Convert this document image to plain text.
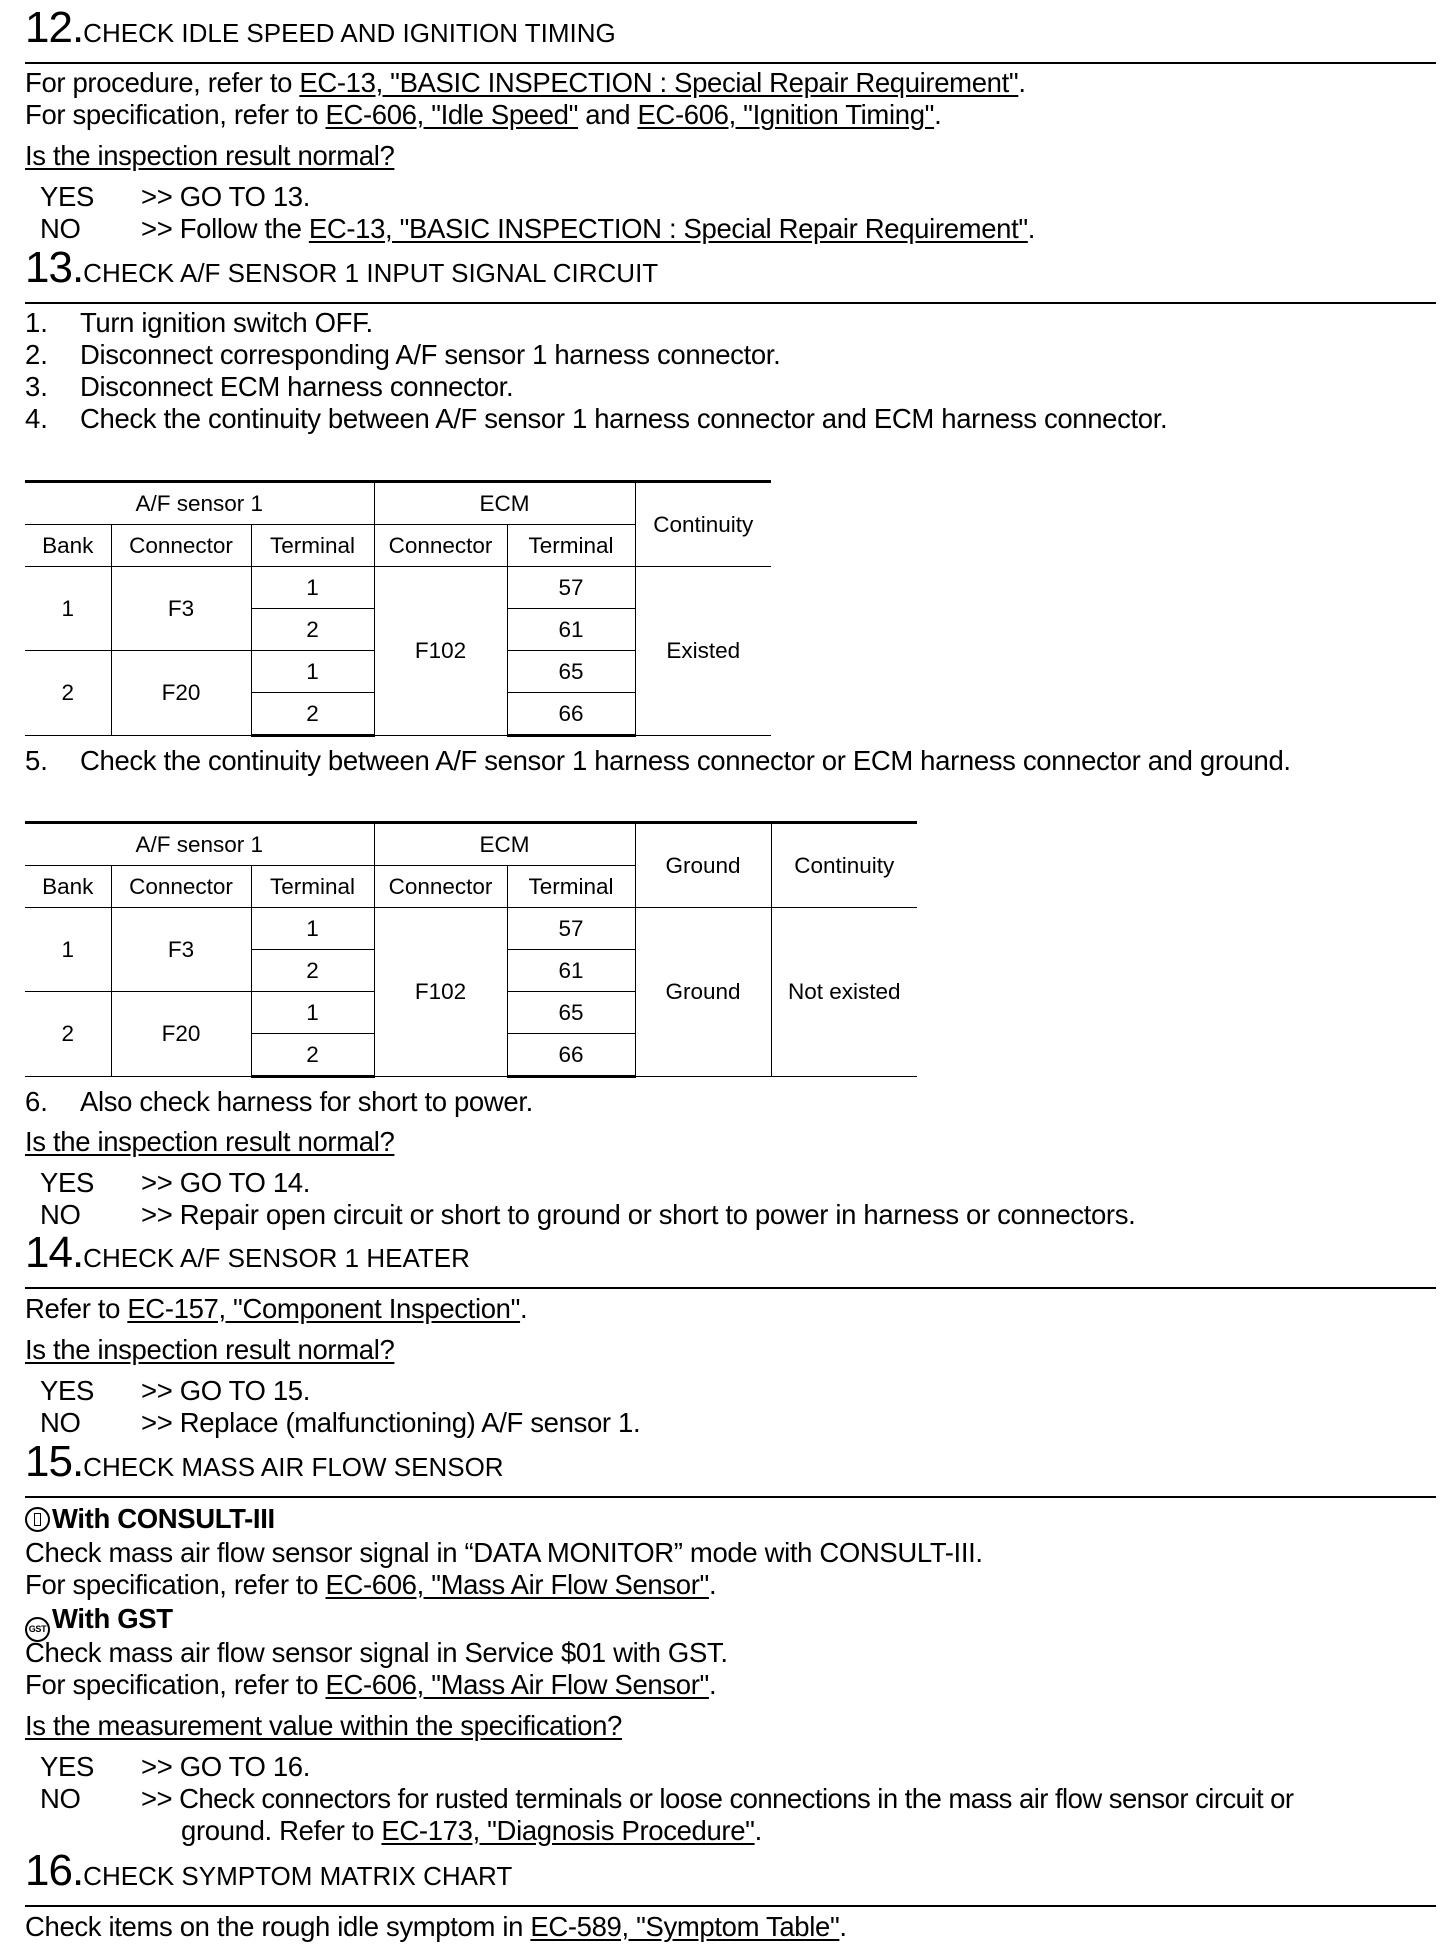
12.CHECK IDLE SPEED AND IGNITION TIMING
For procedure, refer to EC-13, "BASIC INSPECTION : Special Repair Requirement".
For specification, refer to EC-606, "Idle Speed" and EC-606, "Ignition Timing".
Is the inspection result normal?
YES >> GO TO 13.
NO >> Follow the EC-13, "BASIC INSPECTION : Special Repair Requirement".
13.CHECK A/F SENSOR 1 INPUT SIGNAL CIRCUIT
1. Turn ignition switch OFF.
2. Disconnect corresponding A/F sensor 1 harness connector.
3. Disconnect ECM harness connector.
4. Check the continuity between A/F sensor 1 harness connector and ECM harness connector.
A/F sensor 1			ECM		Continuity
Bank	Connector	Terminal	Connector	Terminal	
1	F3	1	F102	57	Existed
		2		61	
2	F20	1		65	
		2		66	
5. Check the continuity between A/F sensor 1 harness connector or ECM harness connector and ground.
A/F sensor 1			ECM		Ground	Continuity
Bank	Connector	Terminal	Connector	Terminal		
1	F3	1	F102	57	Ground	Not existed
		2		61		
2	F20	1		65		
		2		66		
6. Also check harness for short to power.
Is the inspection result normal?
YES >> GO TO 14.
NO >> Repair open circuit or short to ground or short to power in harness or connectors.
14.CHECK A/F SENSOR 1 HEATER
Refer to EC-157, "Component Inspection".
Is the inspection result normal?
YES >> GO TO 15.
NO >> Replace (malfunctioning) A/F sensor 1.
15.CHECK MASS AIR FLOW SENSOR
With CONSULT-III
Check mass air flow sensor signal in “DATA MONITOR” mode with CONSULT-III.
For specification, refer to EC-606, "Mass Air Flow Sensor".
GST With GST
Check mass air flow sensor signal in Service $01 with GST.
For specification, refer to EC-606, "Mass Air Flow Sensor".
Is the measurement value within the specification?
YES >> GO TO 16.
NO >> Check connectors for rusted terminals or loose connections in the mass air flow sensor circuit or
ground. Refer to EC-173, "Diagnosis Procedure".
16.CHECK SYMPTOM MATRIX CHART
Check items on the rough idle symptom in EC-589, "Symptom Table".
